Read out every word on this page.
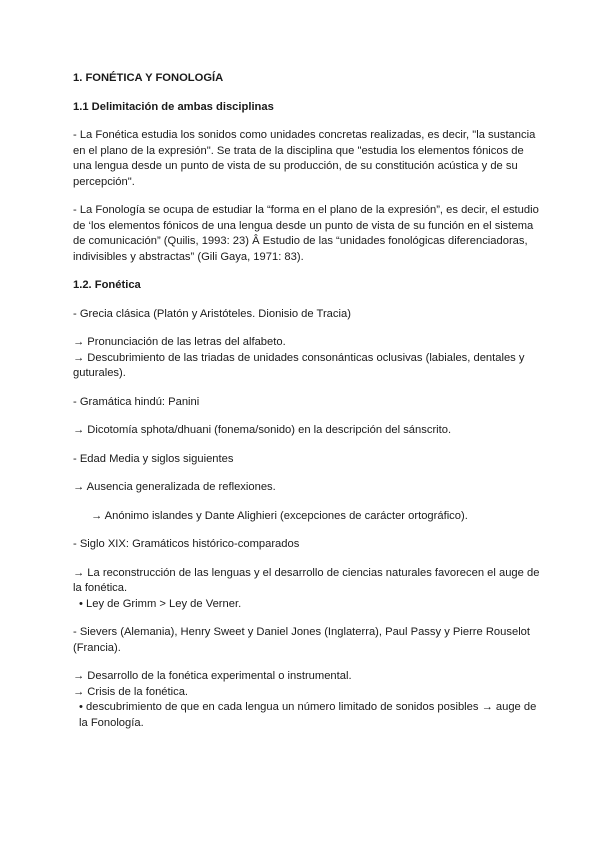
1. FONÉTICA Y FONOLOGÍA
1.1 Delimitación de ambas disciplinas
- La Fonética estudia los sonidos como unidades concretas realizadas, es decir, "la sustancia en el plano de la expresión". Se trata de la disciplina que "estudia los elementos fónicos de una lengua desde un punto de vista de su producción, de su constitución acústica y de su percepción".
- La Fonología se ocupa de estudiar la “forma en el plano de la expresión”, es decir, el estudio de ‘los elementos fónicos de una lengua desde un punto de vista de su función en el sistema de comunicación” (Quilis, 1993: 23) Â Estudio de las “unidades fonológicas diferenciadoras, indivisibles y abstractas” (Gili Gaya, 1971: 83).
1.2. Fonética
- Grecia clásica (Platón y Aristóteles. Dionisio de Tracia)
→ Pronunciación de las letras del alfabeto.
→ Descubrimiento de las triadas de unidades consonánticas oclusivas (labiales, dentales y guturales).
- Gramática hindú: Panini
→ Dicotomía sphota/dhuani (fonema/sonido) en la descripción del sánscrito.
- Edad Media y siglos siguientes
→ Ausencia generalizada de reflexiones.
→ Anónimo islandes y Dante Alighieri (excepciones de carácter ortográfico).
- Siglo XIX: Gramáticos histórico-comparados
→ La reconstrucción de las lenguas y el desarrollo de ciencias naturales favorecen el auge de la fonética.
• Ley de Grimm > Ley de Verner.
- Sievers (Alemania), Henry Sweet y Daniel Jones (Inglaterra), Paul Passy y Pierre Rouselot (Francia).
→ Desarrollo de la fonética experimental o instrumental.
→ Crisis de la fonética.
• descubrimiento de que en cada lengua un número limitado de sonidos posibles → auge de la Fonología.
